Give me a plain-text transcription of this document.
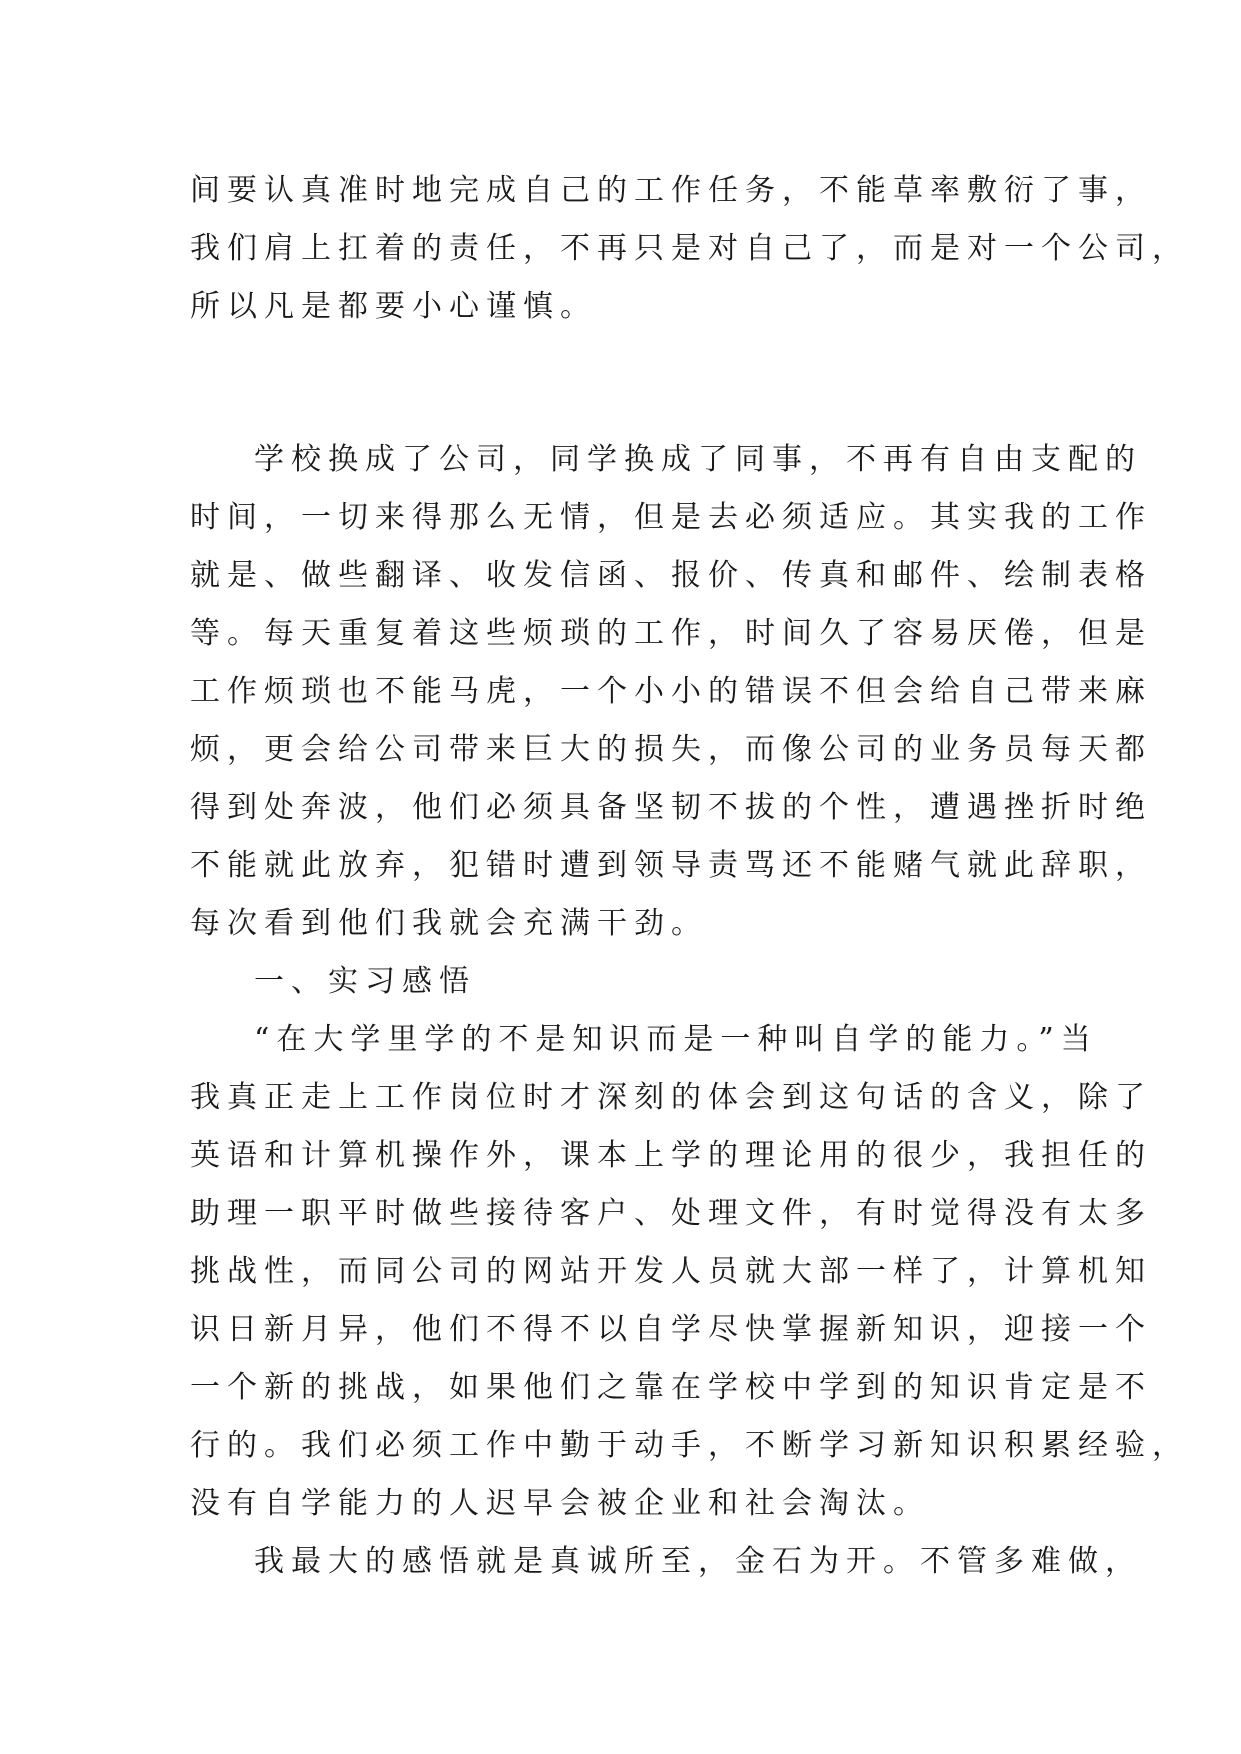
间要认真准时地完成自己的工作任务，不能草率敷衍了事，
我们肩上扛着的责任，不再只是对自己了，而是对一个公司，
所以凡是都要小心谨慎。
学校换成了公司，同学换成了同事，不再有自由支配的
时间，一切来得那么无情，但是去必须适应。其实我的工作
就是、做些翻译、收发信函、报价、传真和邮件、绘制表格
等。每天重复着这些烦琐的工作，时间久了容易厌倦，但是
工作烦琐也不能马虎，一个小小的错误不但会给自己带来麻
烦，更会给公司带来巨大的损失，而像公司的业务员每天都
得到处奔波，他们必须具备坚韧不拔的个性，遭遇挫折时绝
不能就此放弃，犯错时遭到领导责骂还不能赌气就此辞职，
每次看到他们我就会充满干劲。
一、实习感悟
“在大学里学的不是知识而是一种叫自学的能力。”当
我真正走上工作岗位时才深刻的体会到这句话的含义，除了
英语和计算机操作外，课本上学的理论用的很少，我担任的
助理一职平时做些接待客户、处理文件，有时觉得没有太多
挑战性，而同公司的网站开发人员就大部一样了，计算机知
识日新月异，他们不得不以自学尽快掌握新知识，迎接一个
一个新的挑战，如果他们之靠在学校中学到的知识肯定是不
行的。我们必须工作中勤于动手，不断学习新知识积累经验，
没有自学能力的人迟早会被企业和社会淘汰。
我最大的感悟就是真诚所至，金石为开。不管多难做，
